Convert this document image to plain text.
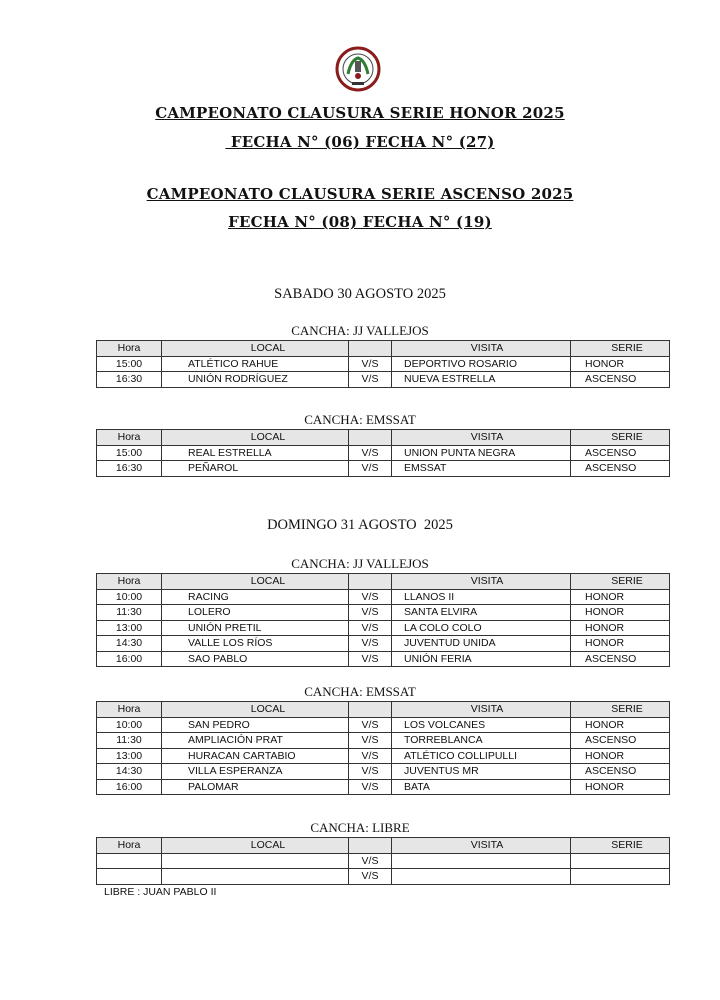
CAMPEONATO CLAUSURA SERIE HONOR 2025
FECHA N° (06) FECHA N° (27)
CAMPEONATO CLAUSURA SERIE ASCENSO 2025
FECHA N° (08) FECHA N° (19)
SABADO 30 AGOSTO 2025
CANCHA: JJ VALLEJOS
Hora	LOCAL		VISITA	SERIE
15:00	ATLÉTICO RAHUE	V/S	DEPORTIVO ROSARIO	HONOR
16:30	UNIÓN RODRÍGUEZ	V/S	NUEVA ESTRELLA	ASCENSO
CANCHA: EMSSAT
Hora	LOCAL		VISITA	SERIE
15:00	REAL ESTRELLA	V/S	UNION PUNTA NEGRA	ASCENSO
16:30	PEÑAROL	V/S	EMSSAT	ASCENSO
DOMINGO 31 AGOSTO  2025
CANCHA: JJ VALLEJOS
Hora	LOCAL		VISITA	SERIE
10:00	RACING	V/S	LLANOS II	HONOR
11:30	LOLERO	V/S	SANTA ELVIRA	HONOR
13:00	UNIÓN PRETIL	V/S	LA COLO COLO	HONOR
14:30	VALLE LOS RÍOS	V/S	JUVENTUD UNIDA	HONOR
16:00	SAO PABLO	V/S	UNIÓN FERIA	ASCENSO
CANCHA: EMSSAT
Hora	LOCAL		VISITA	SERIE
10:00	SAN PEDRO	V/S	LOS VOLCANES	HONOR
11:30	AMPLIACIÓN PRAT	V/S	TORREBLANCA	ASCENSO
13:00	HURACAN CARTABIO	V/S	ATLÉTICO COLLIPULLI	HONOR
14:30	VILLA ESPERANZA	V/S	JUVENTUS MR	ASCENSO
16:00	PALOMAR	V/S	BATA	HONOR
CANCHA: LIBRE
Hora	LOCAL		VISITA	SERIE
		V/S		
		V/S		
LIBRE : JUAN PABLO II
